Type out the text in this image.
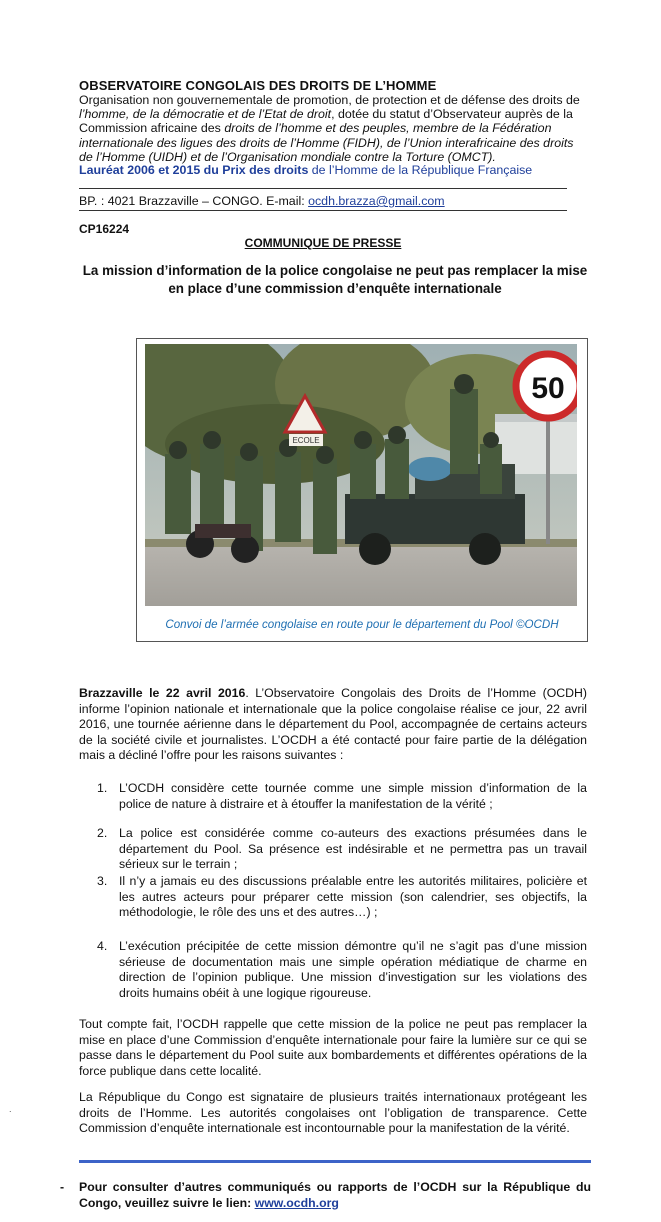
OBSERVATOIRE CONGOLAIS DES DROITS DE L’HOMME
Organisation non gouvernementale de promotion, de protection et de défense des droits de l’homme, de la démocratie et de l’Etat de droit, dotée du statut d’Observateur auprès de la Commission africaine des droits de l’homme et des peuples, membre de la Fédération internationale des ligues des droits de l’Homme (FIDH), de l’Union interafricaine des droits de l’Homme (UIDH) et de l’Organisation mondiale contre la Torture (OMCT).
Lauréat 2006 et 2015 du Prix des droits de l’Homme de la République Française
BP. : 4021 Brazzaville – CONGO. E-mail: ocdh.brazza@gmail.com
CP16224
COMMUNIQUE DE PRESSE
La mission d’information de la police congolaise ne peut pas remplacer la mise
en place d’une commission d’enquête internationale
ECOLE
50
Convoi de l’armée congolaise en route pour le département du Pool ©OCDH
Brazzaville le 22 avril 2016. L’Observatoire Congolais des Droits de l’Homme (OCDH) informe l’opinion nationale et internationale que la police congolaise réalise ce jour, 22 avril 2016, une tournée aérienne dans le département du Pool, accompagnée de certains acteurs de la société civile et journalistes. L’OCDH a été contacté pour faire partie de la délégation mais a décliné l’offre pour les raisons suivantes :
1. L’OCDH considère cette tournée comme une simple mission d’information de la police de nature à distraire et à étouffer la manifestation de la vérité ;
2. La police est considérée comme co-auteurs des exactions présumées dans le département du Pool. Sa présence est indésirable et ne permettra pas un travail sérieux sur le terrain ;
3. Il n’y a jamais eu des discussions préalable entre les autorités militaires, policière et les autres acteurs pour préparer cette mission (son calendrier, ses objectifs, la méthodologie, le rôle des uns et des autres…) ;
4. L’exécution précipitée de cette mission démontre qu’il ne s’agit pas d’une mission sérieuse de documentation mais une simple opération médiatique de charme en direction de l’opinion publique. Une mission d’investigation sur les violations des droits humains obéit à une logique rigoureuse.
Tout compte fait, l’OCDH rappelle que cette mission de la police ne peut pas remplacer la mise en place d’une Commission d’enquête internationale pour faire la lumière sur ce qui se passe dans le département du Pool suite aux bombardements et différentes opérations de la force publique dans cette localité.
La République du Congo est signataire de plusieurs traités internationaux protégeant les droits de l’Homme. Les autorités congolaises ont l’obligation de transparence. Cette Commission d’enquête internationale est incontournable pour la manifestation de la vérité.
.
- Pour consulter d’autres communiqués ou rapports de l’OCDH sur la République du Congo, veuillez suivre le lien: www.ocdh.org
